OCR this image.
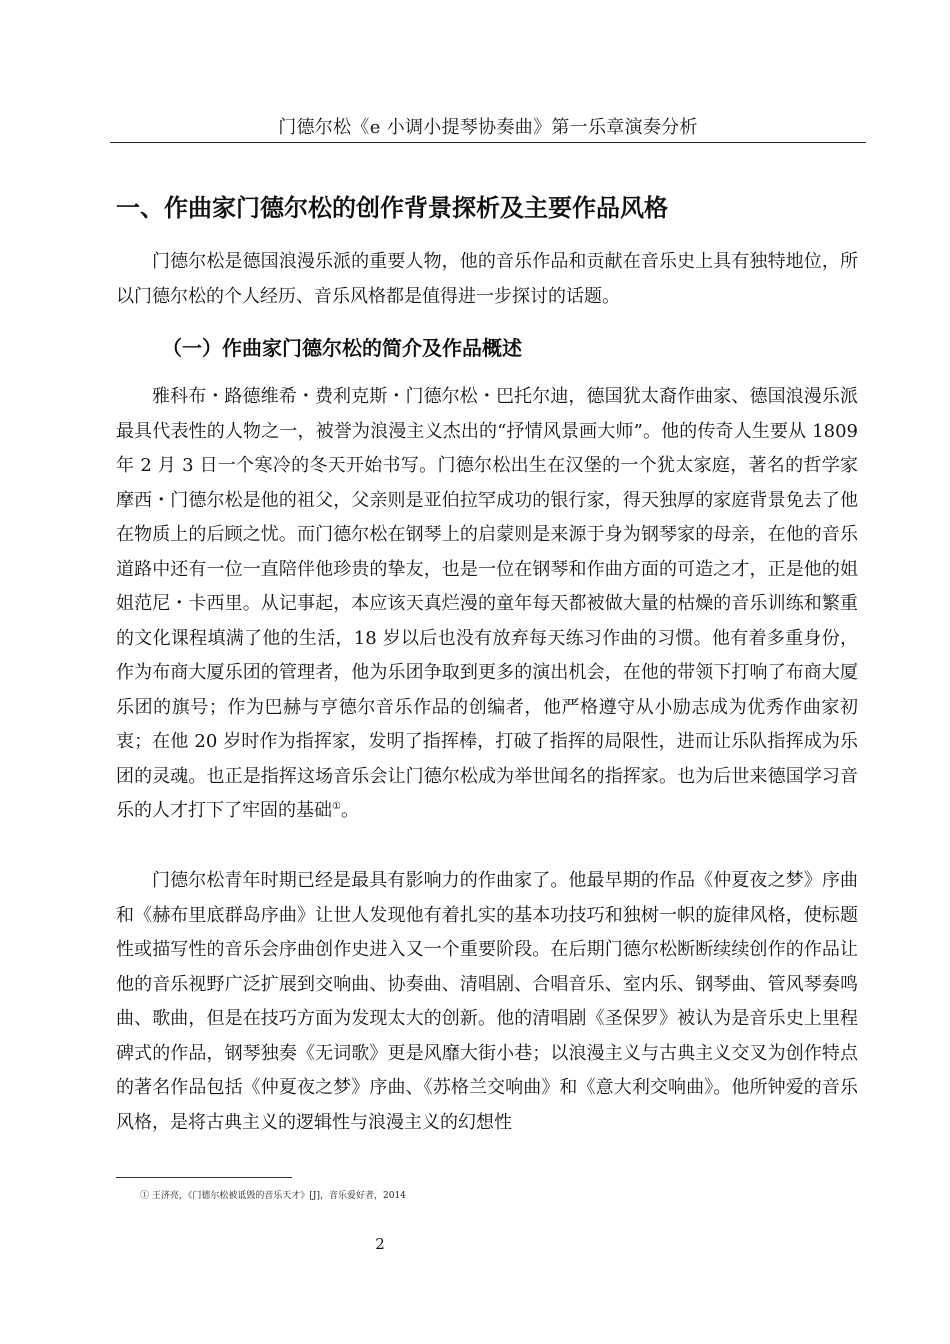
门德尔松《e 小调小提琴协奏曲》第一乐章演奏分析
一、作曲家门德尔松的创作背景探析及主要作品风格

门德尔松是德国浪漫乐派的重要人物，他的音乐作品和贡献在音乐史上具有独特地位，所以门德尔松的个人经历、音乐风格都是值得进一步探讨的话题。

（一）作曲家门德尔松的简介及作品概述

雅科布・路德维希・费利克斯・门德尔松・巴托尔迪，德国犹太裔作曲家、德国浪漫乐派最具代表性的人物之一，被誉为浪漫主义杰出的“抒情风景画大师”。他的传奇人生要从 1809 年 2 月 3 日一个寒冷的冬天开始书写。门德尔松出生在汉堡的一个犹太家庭，著名的哲学家摩西・门德尔松是他的祖父，父亲则是亚伯拉罕成功的银行家，得天独厚的家庭背景免去了他在物质上的后顾之忧。而门德尔松在钢琴上的启蒙则是来源于身为钢琴家的母亲，在他的音乐道路中还有一位一直陪伴他珍贵的挚友，也是一位在钢琴和作曲方面的可造之才，正是他的姐姐范尼・卡西里。从记事起，本应该天真烂漫的童年每天都被做大量的枯燥的音乐训练和繁重的文化课程填满了他的生活，18 岁以后也没有放弃每天练习作曲的习惯。他有着多重身份，作为布商大厦乐团的管理者，他为乐团争取到更多的演出机会，在他的带领下打响了布商大厦乐团的旗号；作为巴赫与亨德尔音乐作品的创编者，他严格遵守从小励志成为优秀作曲家初衷；在他 20 岁时作为指挥家，发明了指挥棒，打破了指挥的局限性，进而让乐队指挥成为乐团的灵魂。也正是指挥这场音乐会让门德尔松成为举世闻名的指挥家。也为后世来德国学习音乐的人才打下了牢固的基础①。

门德尔松青年时期已经是最具有影响力的作曲家了。他最早期的作品《仲夏夜之梦》序曲和《赫布里底群岛序曲》让世人发现他有着扎实的基本功技巧和独树一帜的旋律风格，使标题性或描写性的音乐会序曲创作史进入又一个重要阶段。在后期门德尔松断断续续创作的作品让他的音乐视野广泛扩展到交响曲、协奏曲、清唱剧、合唱音乐、室内乐、钢琴曲、管风琴奏鸣曲、歌曲，但是在技巧方面为发现太大的创新。他的清唱剧《圣保罗》被认为是音乐史上里程碑式的作品，钢琴独奏《无词歌》更是风靡大街小巷；以浪漫主义与古典主义交叉为创作特点的著名作品包括《仲夏夜之梦》序曲、《苏格兰交响曲》和《意大利交响曲》。他所钟爱的音乐风格，是将古典主义的逻辑性与浪漫主义的幻想性

① 王济亮，《门德尔松被诋毁的音乐天才》[J]，音乐爱好者，2014
2
